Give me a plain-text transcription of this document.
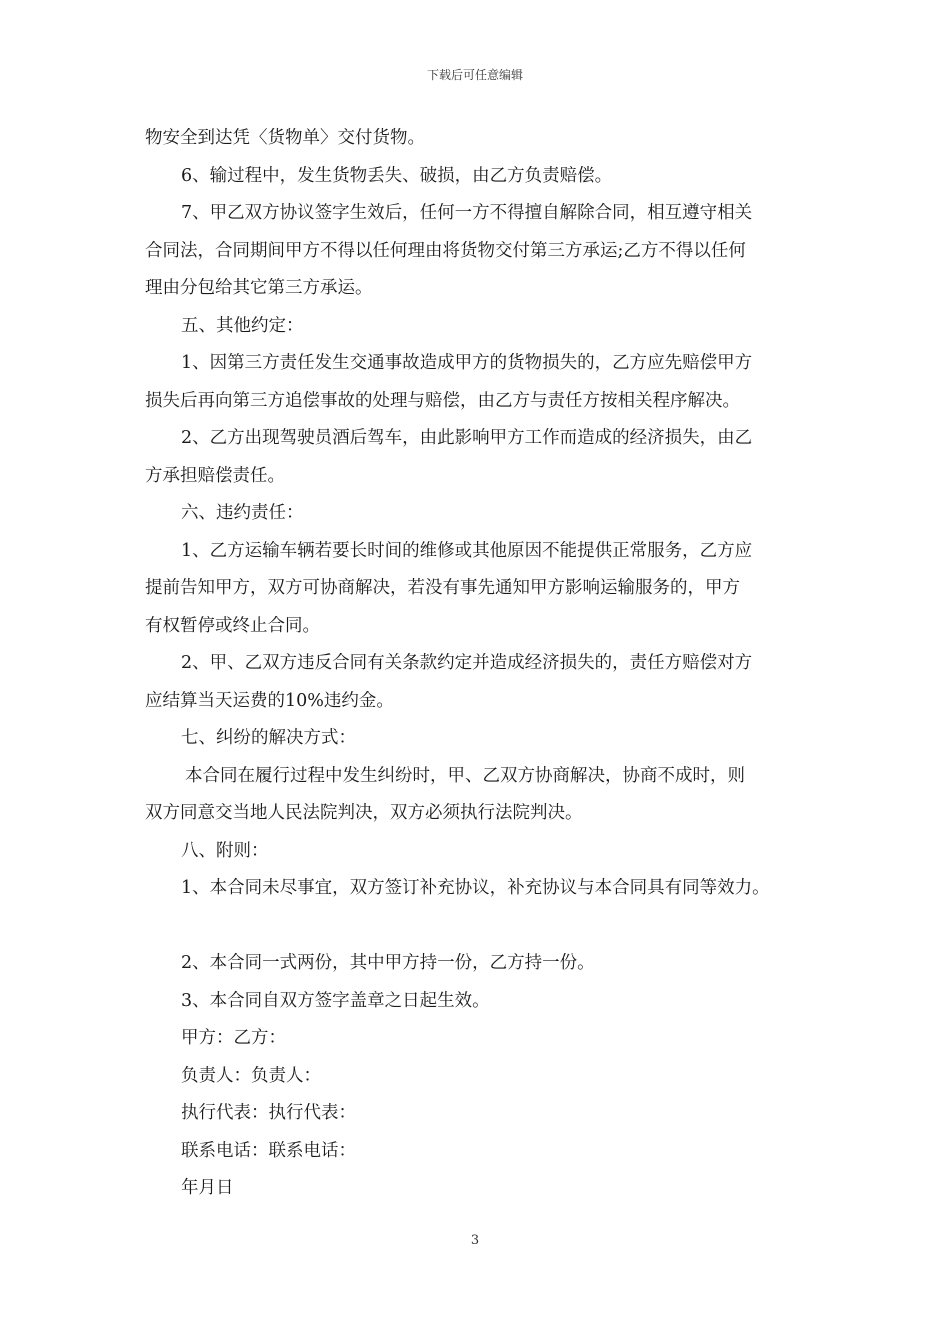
下载后可任意编辑
物安全到达凭〈货物单〉交付货物。
6、输过程中，发生货物丢失、破损，由乙方负责赔偿。
7、甲乙双方协议签字生效后，任何一方不得擅自解除合同，相互遵守相关
合同法，合同期间甲方不得以任何理由将货物交付第三方承运;乙方不得以任何
理由分包给其它第三方承运。
五、其他约定：
1、因第三方责任发生交通事故造成甲方的货物损失的，乙方应先赔偿甲方
损失后再向第三方追偿事故的处理与赔偿，由乙方与责任方按相关程序解决。
2、乙方出现驾驶员酒后驾车，由此影响甲方工作而造成的经济损失，由乙
方承担赔偿责任。
六、违约责任：
1、乙方运输车辆若要长时间的维修或其他原因不能提供正常服务，乙方应
提前告知甲方，双方可协商解决，若没有事先通知甲方影响运输服务的，甲方
有权暂停或终止合同。
2、甲、乙双方违反合同有关条款约定并造成经济损失的，责任方赔偿对方
应结算当天运费的10%违约金。
七、纠纷的解决方式：
本合同在履行过程中发生纠纷时，甲、乙双方协商解决，协商不成时，则
双方同意交当地人民法院判决，双方必须执行法院判决。
八、附则：
1、本合同未尽事宜，双方签订补充协议，补充协议与本合同具有同等效力。
2、本合同一式两份，其中甲方持一份，乙方持一份。
3、本合同自双方签字盖章之日起生效。
甲方：乙方：
负责人：负责人：
执行代表：执行代表：
联系电话：联系电话：
年月日
3
